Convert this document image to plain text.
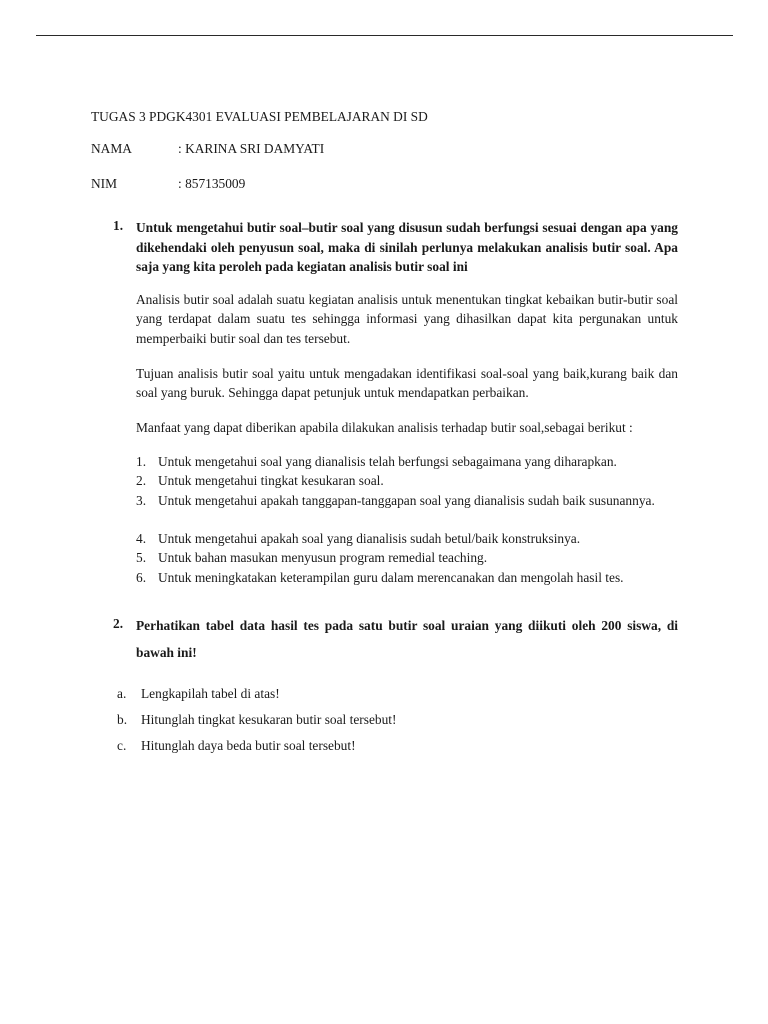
TUGAS 3 PDGK4301 EVALUASI PEMBELAJARAN DI SD
NAMA	: KARINA SRI DAMYATI
NIM	: 857135009
1. Untuk mengetahui butir soal–butir soal yang disusun sudah berfungsi sesuai dengan apa yang dikehendaki oleh penyusun soal, maka di sinilah perlunya melakukan analisis butir soal. Apa saja yang kita peroleh pada kegiatan analisis butir soal ini
Analisis butir soal adalah suatu kegiatan analisis untuk menentukan tingkat kebaikan butir-butir soal yang terdapat dalam suatu tes sehingga informasi yang dihasilkan dapat kita pergunakan untuk memperbaiki butir soal dan tes tersebut.
Tujuan analisis butir soal yaitu untuk mengadakan identifikasi soal-soal yang baik,kurang baik dan soal yang buruk. Sehingga dapat petunjuk untuk mendapatkan perbaikan.
Manfaat yang dapat diberikan apabila dilakukan analisis terhadap butir soal,sebagai berikut :
1. Untuk mengetahui soal yang dianalisis telah berfungsi sebagaimana yang diharapkan.
2. Untuk mengetahui tingkat kesukaran soal.
3. Untuk mengetahui apakah tanggapan-tanggapan soal yang dianalisis sudah baik susunannya.
4. Untuk mengetahui apakah soal yang dianalisis sudah betul/baik konstruksinya.
5. Untuk bahan masukan menyusun program remedial teaching.
6. Untuk meningkatakan keterampilan guru dalam merencanakan dan mengolah hasil tes.
2. Perhatikan tabel data hasil tes pada satu butir soal uraian yang diikuti oleh 200 siswa, di bawah ini!
a. Lengkapilah tabel di atas!
b. Hitunglah tingkat kesukaran butir soal tersebut!
c. Hitunglah daya beda butir soal tersebut!
